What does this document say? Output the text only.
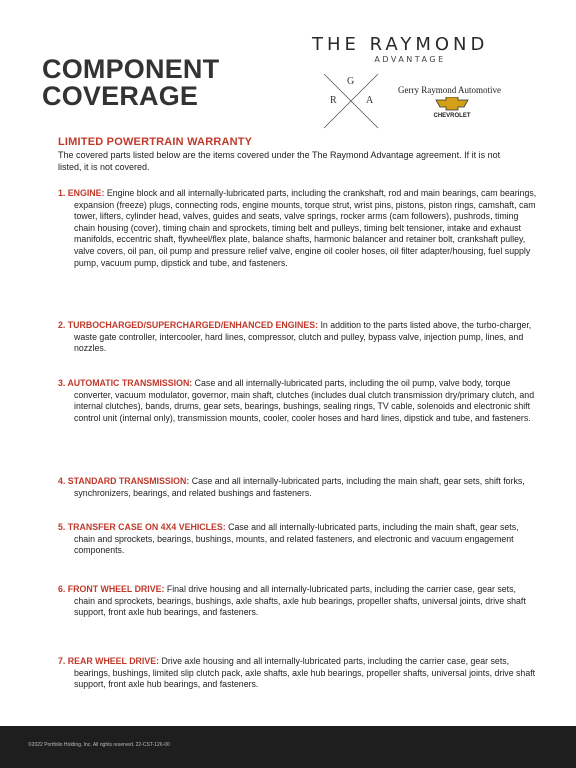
COMPONENT
COVERAGE
THE RAYMOND
ADVANTAGE
G
R	A
Gerry Raymond Automotive
CHEVROLET
LIMITED POWERTRAIN WARRANTY
The covered parts listed below are the items covered under the The Raymond Advantage agreement. If it is not listed, it is not covered.
1. ENGINE: Engine block and all internally-lubricated parts, including the crankshaft, rod and main bearings, cam bearings, expansion (freeze) plugs, connecting rods, engine mounts, torque strut, wrist pins, pistons, piston rings, camshaft, cam tower, lifters, cylinder head, valves, guides and seats, valve springs, rocker arms (cam followers), pushrods, timing chain housing (cover), timing chain and sprockets, timing belt and pulleys, timing belt tensioner, intake and exhaust manifolds, eccentric shaft, flywheel/flex plate, balance shafts, harmonic balancer and retainer bolt, crankshaft pulley, valve covers, oil pan, oil pump and pressure relief valve, engine oil cooler hoses, oil filter adapter/housing, fuel supply pump, vacuum pump, dipstick and tube, and fasteners.
2. TURBOCHARGED/SUPERCHARGED/ENHANCED ENGINES: In addition to the parts listed above, the turbo-charger, waste gate controller, intercooler, hard lines, compressor, clutch and pulley, bypass valve, injection pump, lines, and nozzles.
3. AUTOMATIC TRANSMISSION: Case and all internally-lubricated parts, including the oil pump, valve body, torque converter, vacuum modulator, governor, main shaft, clutches (includes dual clutch transmission dry/primary clutch, and internal clutches), bands, drums, gear sets, bearings, bushings, sealing rings, TV cable, solenoids and electronic shift control unit (internal only), transmission mounts, cooler, cooler hoses and hard lines, dipstick and tube, and fasteners.
4. STANDARD TRANSMISSION: Case and all internally-lubricated parts, including the main shaft, gear sets, shift forks, synchronizers, bearings, and related bushings and fasteners.
5. TRANSFER CASE ON 4X4 VEHICLES: Case and all internally-lubricated parts, including the main shaft, gear sets, chain and sprockets, bearings, bushings, mounts, and related fasteners, and electronic and vacuum engagement components.
6. FRONT WHEEL DRIVE: Final drive housing and all internally-lubricated parts, including the carrier case, gear sets, chain and sprockets, bearings, bushings, axle shafts, axle hub bearings, propeller shafts, universal joints, drive shaft support, front axle hub bearings, and fasteners.
7. REAR WHEEL DRIVE: Drive axle housing and all internally-lubricated parts, including the carrier case, gear sets, bearings, bushings, limited slip clutch pack, axle shafts, axle hub bearings, propeller shafts, universal joints, drive shaft support, front axle hub bearings, and fasteners.
©2022 Portfolio Holding, Inc. All rights reserved. 22-CST-126-00
